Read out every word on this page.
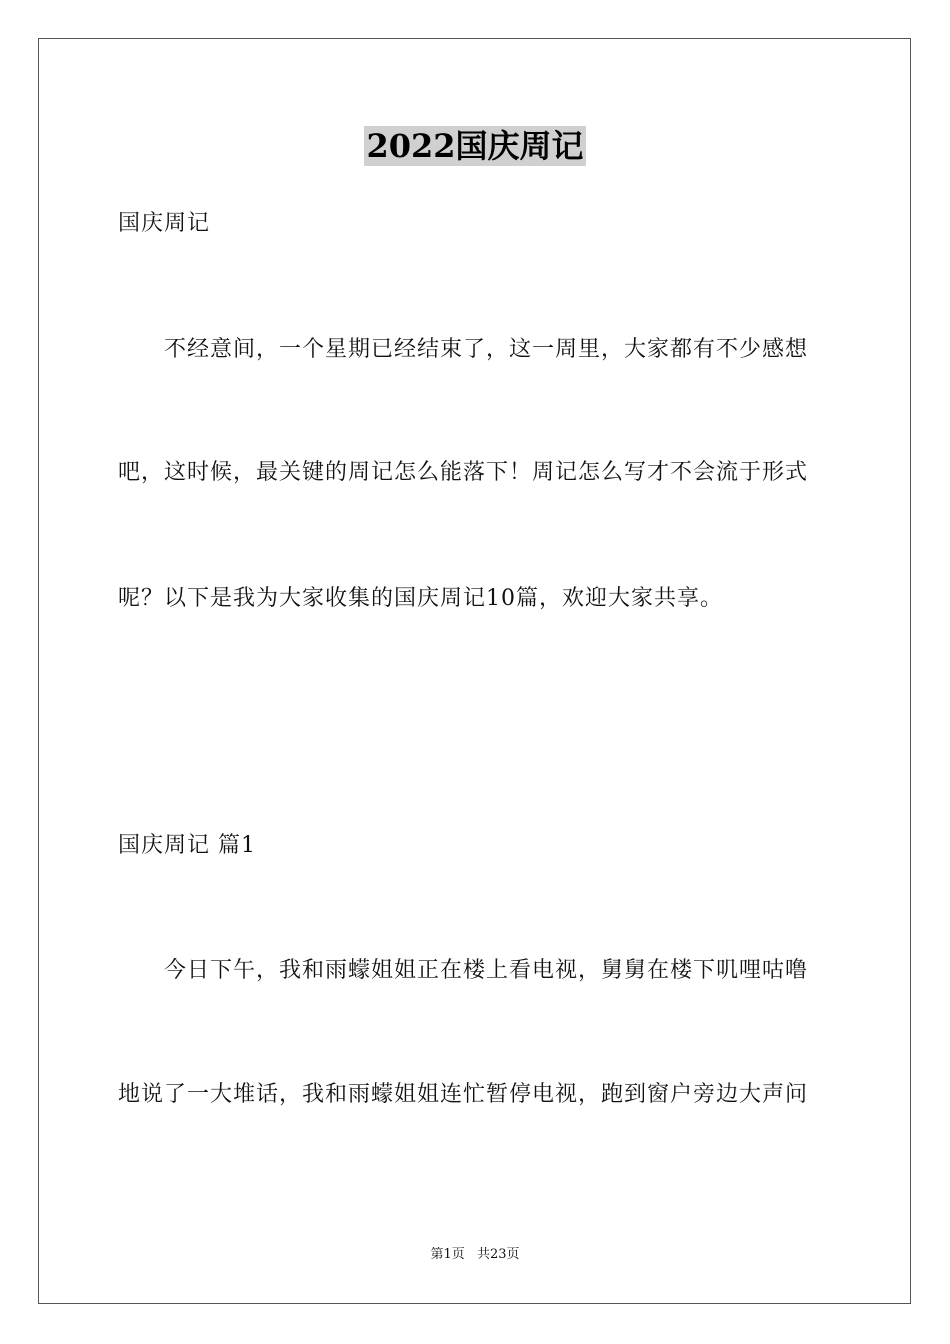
2022国庆周记
国庆周记
　　不经意间，一个星期已经结束了，这一周里，大家都有不少感想
吧，这时候，最关键的周记怎么能落下！周记怎么写才不会流于形式
呢？以下是我为大家收集的国庆周记10篇，欢迎大家共享。
国庆周记 篇1
　　今日下午，我和雨蠓姐姐正在楼上看电视，舅舅在楼下叽哩咕噜
地说了一大堆话，我和雨蠓姐姐连忙暂停电视，跑到窗户旁边大声问
第1页 共23页
